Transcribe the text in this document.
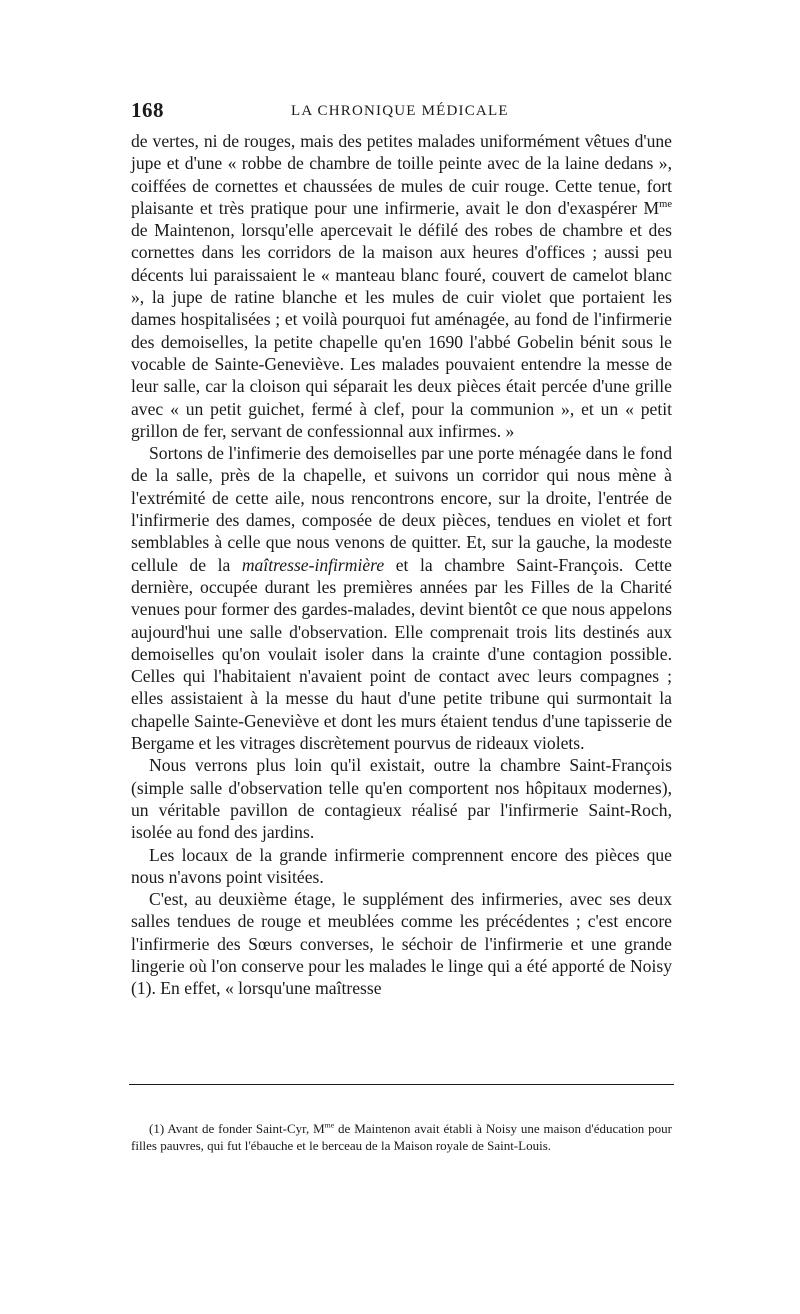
168	LA CHRONIQUE MÉDICALE

de vertes, ni de rouges, mais des petites malades uniformément vêtues d'une jupe et d'une « robbe de chambre de toille peinte avec de la laine dedans », coiffées de cornettes et chaussées de mules de cuir rouge. Cette tenue, fort plaisante et très pratique pour une infirmerie, avait le don d'exaspérer $M^{me}$ de Maintenon, lorsqu'elle apercevait le défilé des robes de chambre et des cornettes dans les corridors de la maison aux heures d'offices ; aussi peu décents lui paraissaient le « manteau blanc fouré, couvert de camelot blanc », la jupe de ratine blanche et les mules de cuir violet que portaient les dames hospitalisées ; et voilà pourquoi fut aménagée, au fond de l'infirmerie des demoiselles, la petite chapelle qu'en 1690 l'abbé Gobelin bénit sous le vocable de Sainte-Geneviève. Les malades pouvaient entendre la messe de leur salle, car la cloison qui séparait les deux pièces était percée d'une grille avec « un petit guichet, fermé à clef, pour la communion », et un « petit grillon de fer, servant de confessionnal aux infirmes. »

Sortons de l'infimerie des demoiselles par une porte ménagée dans le fond de la salle, près de la chapelle, et suivons un corridor qui nous mène à l'extrémité de cette aile, nous rencontrons encore, sur la droite, l'entrée de l'infirmerie des dames, composée de deux pièces, tendues en violet et fort semblables à celle que nous venons de quitter. Et, sur la gauche, la modeste cellule de la maîtresse-infirmière et la chambre Saint-François. Cette dernière, occupée durant les premières années par les Filles de la Charité venues pour former des gardes-malades, devint bientôt ce que nous appelons aujourd'hui une salle d'observation. Elle comprenait trois lits destinés aux demoiselles qu'on voulait isoler dans la crainte d'une contagion possible. Celles qui l'habitaient n'avaient point de contact avec leurs compagnes ; elles assistaient à la messe du haut d'une petite tribune qui surmontait la chapelle Sainte-Geneviève et dont les murs étaient tendus d'une tapisserie de Bergame et les vitrages discrètement pourvus de rideaux violets.

Nous verrons plus loin qu'il existait, outre la chambre Saint-François (simple salle d'observation telle qu'en comportent nos hôpitaux modernes), un véritable pavillon de contagieux réalisé par l'infirmerie Saint-Roch, isolée au fond des jardins.

Les locaux de la grande infirmerie comprennent encore des pièces que nous n'avons point visitées.

C'est, au deuxième étage, le supplément des infirmeries, avec ses deux salles tendues de rouge et meublées comme les précédentes ; c'est encore l'infirmerie des Sœurs converses, le séchoir de l'infirmerie et une grande lingerie où l'on conserve pour les malades le linge qui a été apporté de Noisy (1). En effet, « lorsqu'une maîtresse

(1) Avant de fonder Saint-Cyr, $M^{me}$ de Maintenon avait établi à Noisy une maison d'éducation pour filles pauvres, qui fut l'ébauche et le berceau de la Maison royale de Saint-Louis.
